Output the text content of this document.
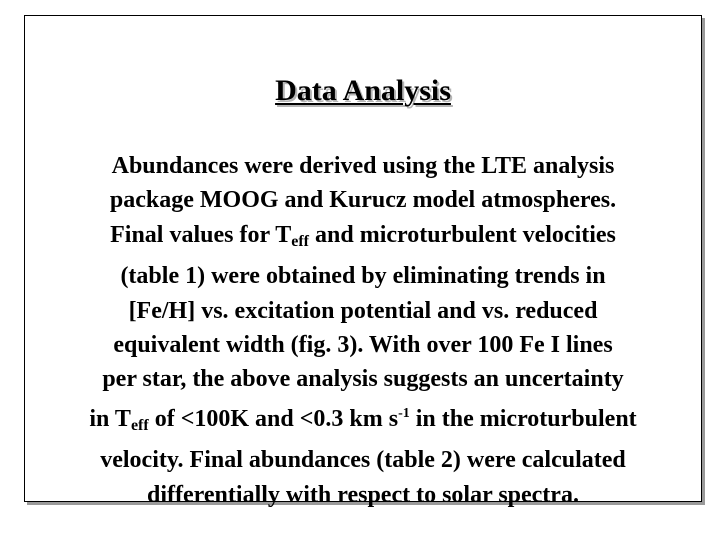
Data Analysis
Abundances were derived using the LTE analysis
package MOOG and Kurucz model atmospheres.
Final values for $T_{eff}$ and microturbulent velocities
(table 1) were obtained by eliminating trends in
[Fe/H] vs. excitation potential and vs. reduced
equivalent width (fig. 3). With over 100 Fe I lines
per star, the above analysis suggests an uncertainty
in $T_{eff}$ of <100K and <0.3 km $s^{-1}$ in the microturbulent
velocity. Final abundances (table 2) were calculated
differentially with respect to solar spectra.
